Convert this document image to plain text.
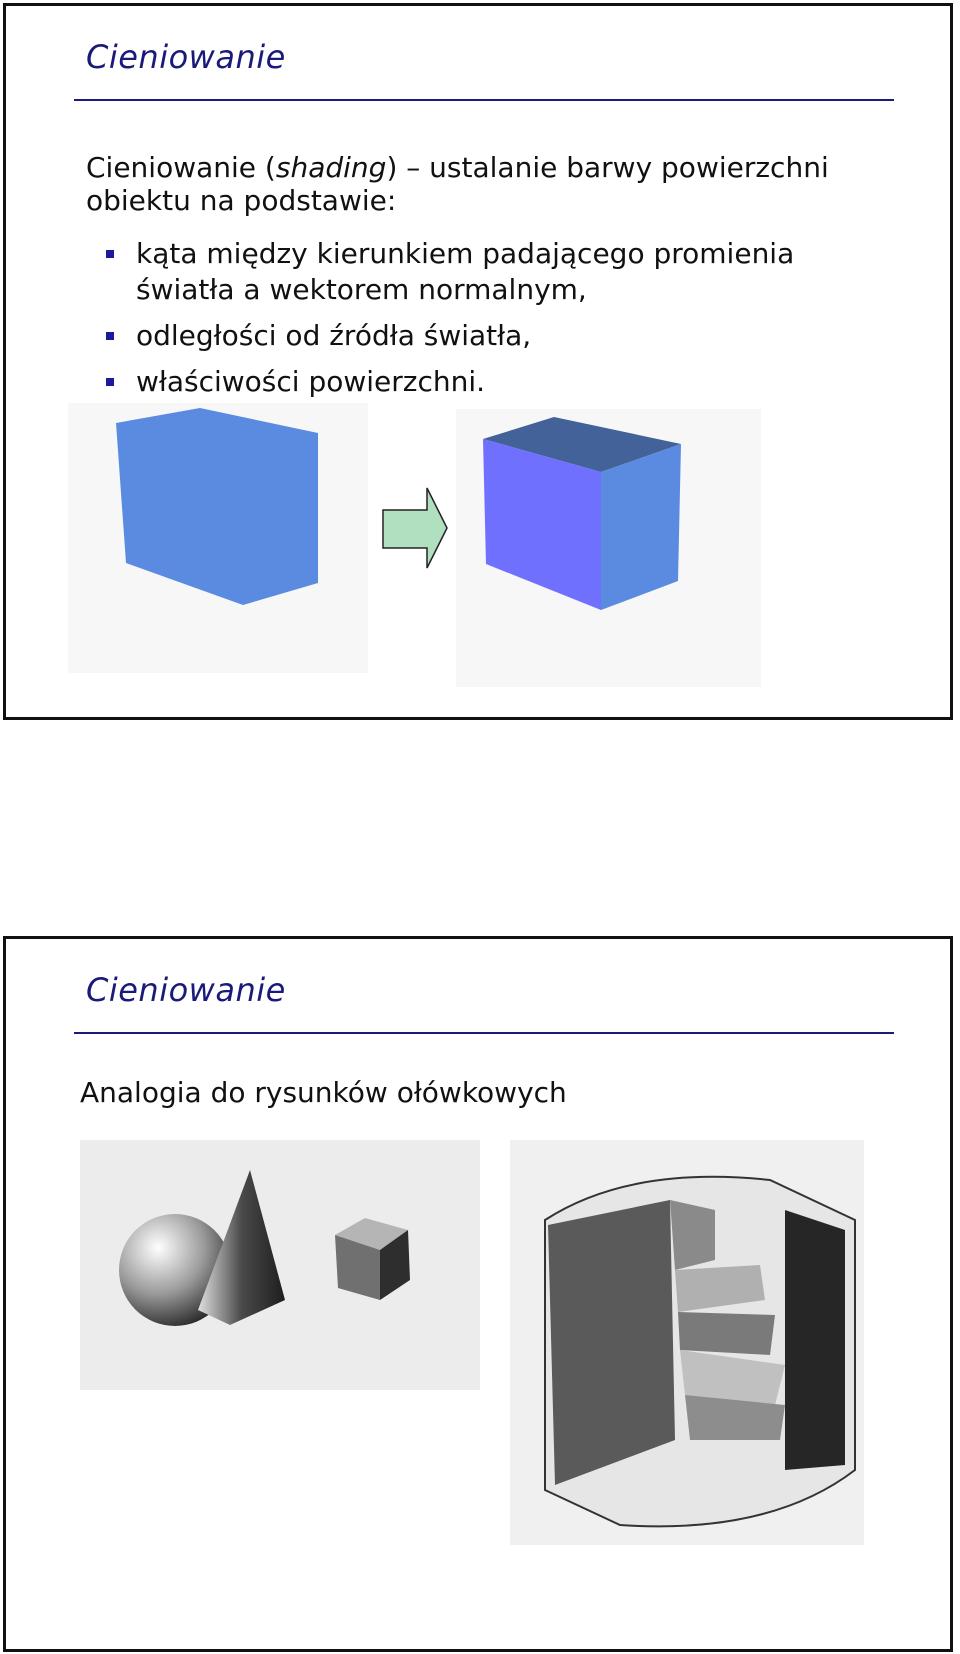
Cieniowanie

Cieniowanie (shading) – ustalanie barwy powierzchni obiektu na podstawie:

kąta między kierunkiem padającego promienia światła a wektorem normalnym,
odległości od źródła światła,
właściwości powierzchni.
Cieniowanie

Analogia do rysunków ołówkowych
